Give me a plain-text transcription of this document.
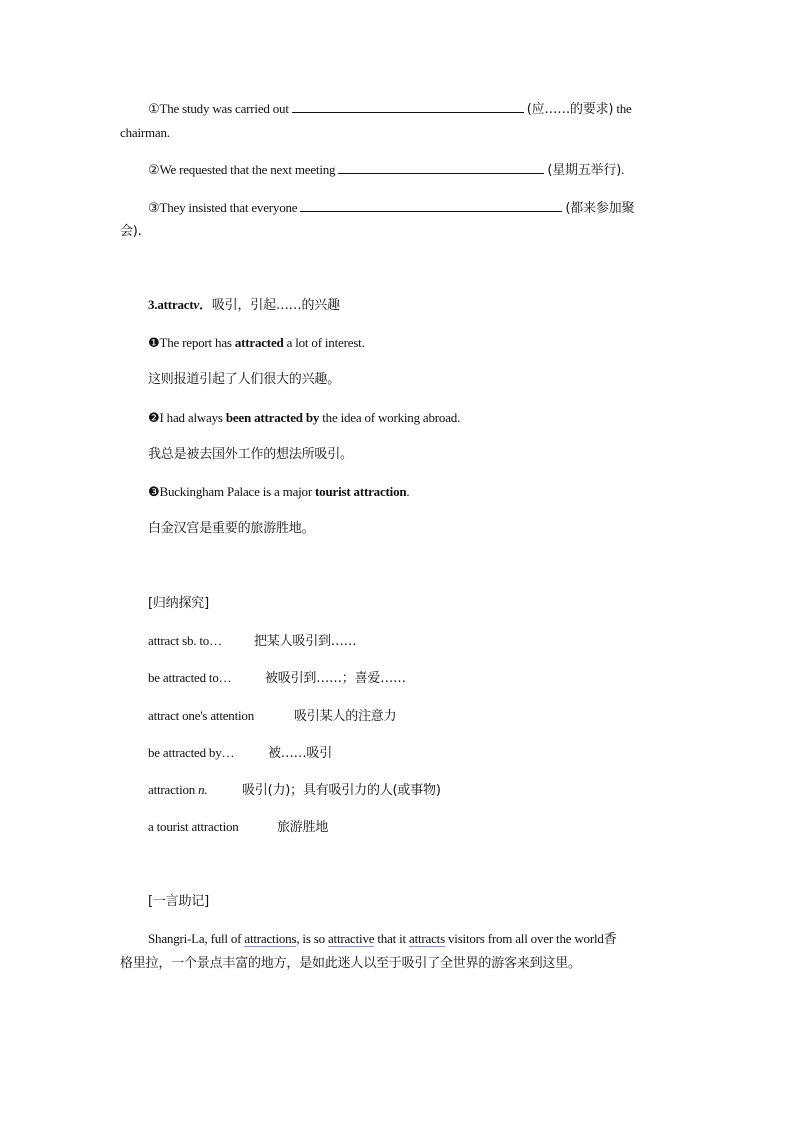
①The study was carried out	(应……的要求) the
chairman.
②We requested that the next meeting	(星期五举行).
③They insisted that everyone	(都来参加聚
会).
3.attractv．吸引，引起……的兴趣
❶The report has attracted a lot of interest.
这则报道引起了人们很大的兴趣。
❷I had always been attracted by the idea of working abroad.
我总是被去国外工作的想法所吸引。
❸Buckingham Palace is a major tourist attraction.
白金汉宫是重要的旅游胜地。
[归纳探究]
attract sb. to… 把某人吸引到……
be attracted to…	被吸引到……；喜爱……
attract one's attention	吸引某人的注意力
be attracted by…	被……吸引
attraction n.	吸引(力)；具有吸引力的人(或事物)
a tourist attraction	旅游胜地
[一言助记]
Shangri-La, full of attractions, is so attractive that it attracts visitors from all over the world香
格里拉，一个景点丰富的地方，是如此迷人以至于吸引了全世界的游客来到这里。
